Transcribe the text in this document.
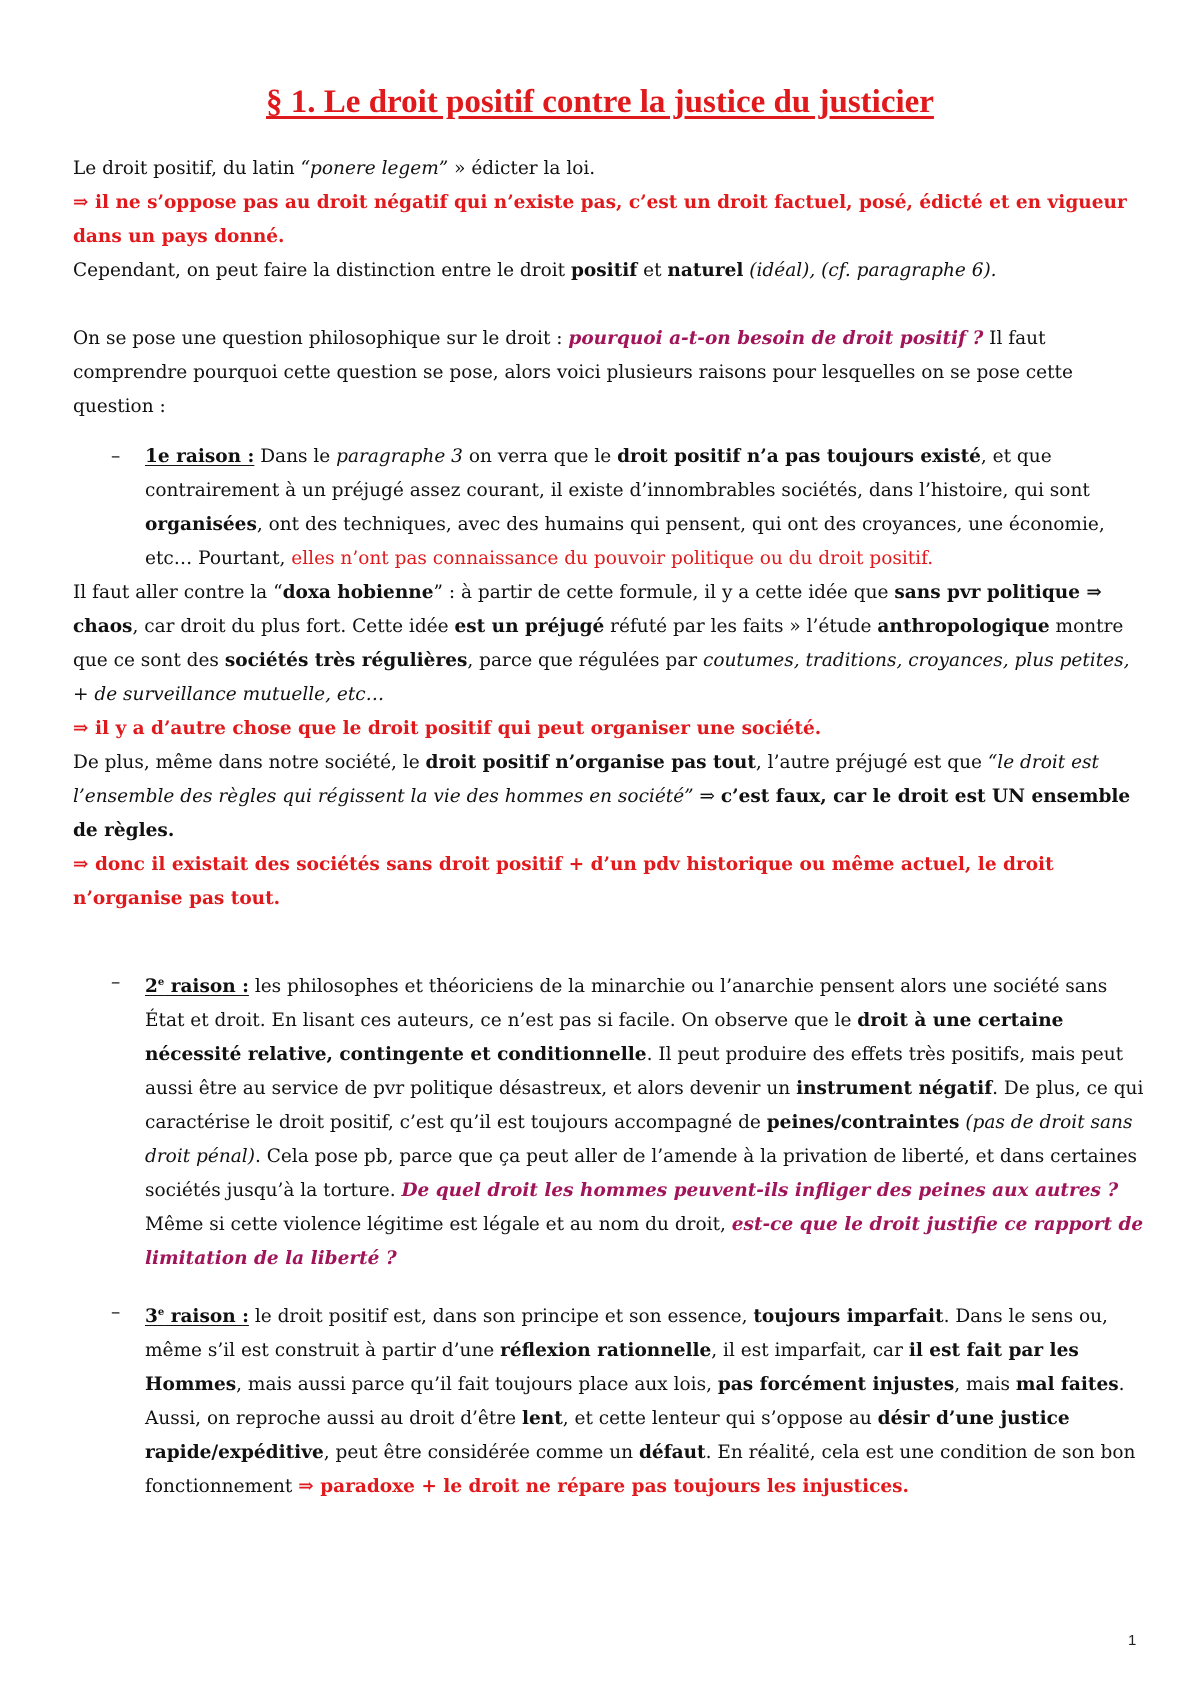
§ 1. Le droit positif contre la justice du justicier

Le droit positif, du latin “ponere legem” » édicter la loi.

⇒ il ne s’oppose pas au droit négatif qui n’existe pas, c’est un droit factuel, posé, édicté et en vigueur dans un pays donné.

Cependant, on peut faire la distinction entre le droit positif et naturel (idéal), (cf. paragraphe 6).

On se pose une question philosophique sur le droit : pourquoi a-t-on besoin de droit positif ? Il faut comprendre pourquoi cette question se pose, alors voici plusieurs raisons pour lesquelles on se pose cette question :

– 1e raison : Dans le paragraphe 3 on verra que le droit positif n’a pas toujours existé, et que contrairement à un préjugé assez courant, il existe d’innombrables sociétés, dans l’histoire, qui sont organisées, ont des techniques, avec des humains qui pensent, qui ont des croyances, une économie, etc… Pourtant, elles n’ont pas connaissance du pouvoir politique ou du droit positif.

Il faut aller contre la “doxa hobienne” : à partir de cette formule, il y a cette idée que sans pvr politique ⇒ chaos, car droit du plus fort. Cette idée est un préjugé réfuté par les faits » l’étude anthropologique montre que ce sont des sociétés très régulières, parce que régulées par coutumes, traditions, croyances, plus petites, + de surveillance mutuelle, etc…

⇒ il y a d’autre chose que le droit positif qui peut organiser une société.

De plus, même dans notre société, le droit positif n’organise pas tout, l’autre préjugé est que “le droit est l’ensemble des règles qui régissent la vie des hommes en société” ⇒ c’est faux, car le droit est UN ensemble de règles.

⇒ donc il existait des sociétés sans droit positif + d’un pdv historique ou même actuel, le droit n’organise pas tout.

– 2e raison : les philosophes et théoriciens de la minarchie ou l’anarchie pensent alors une société sans État et droit. En lisant ces auteurs, ce n’est pas si facile. On observe que le droit à une certaine nécessité relative, contingente et conditionnelle. Il peut produire des effets très positifs, mais peut aussi être au service de pvr politique désastreux, et alors devenir un instrument négatif. De plus, ce qui caractérise le droit positif, c’est qu’il est toujours accompagné de peines/contraintes (pas de droit sans droit pénal). Cela pose pb, parce que ça peut aller de l’amende à la privation de liberté, et dans certaines sociétés jusqu’à la torture. De quel droit les hommes peuvent-ils infliger des peines aux autres ? Même si cette violence légitime est légale et au nom du droit, est-ce que le droit justifie ce rapport de limitation de la liberté ?

– 3e raison : le droit positif est, dans son principe et son essence, toujours imparfait. Dans le sens ou, même s’il est construit à partir d’une réflexion rationnelle, il est imparfait, car il est fait par les Hommes, mais aussi parce qu’il fait toujours place aux lois, pas forcément injustes, mais mal faites. Aussi, on reproche aussi au droit d’être lent, et cette lenteur qui s’oppose au désir d’une justice rapide/expéditive, peut être considérée comme un défaut. En réalité, cela est une condition de son bon fonctionnement ⇒ paradoxe + le droit ne répare pas toujours les injustices.

1
